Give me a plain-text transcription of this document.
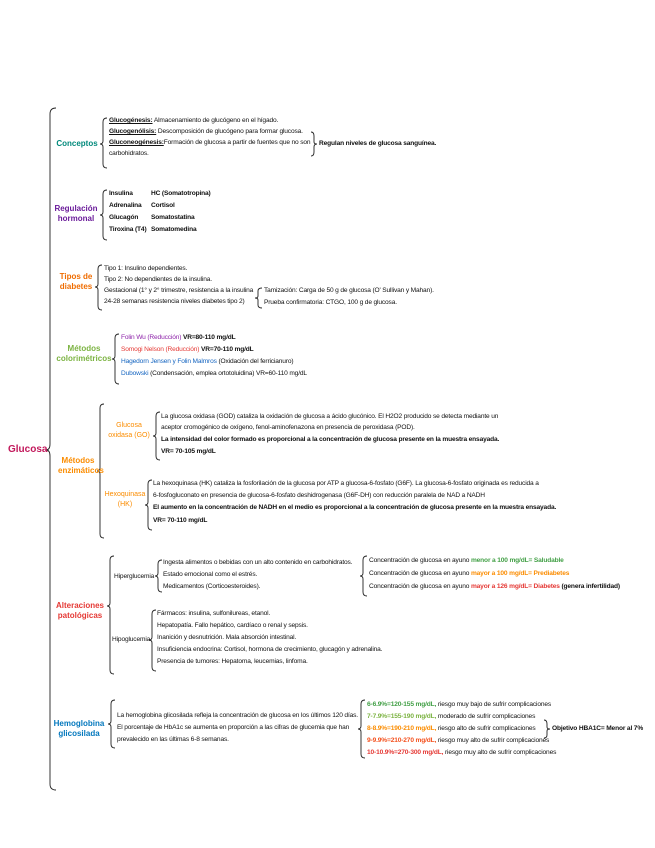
Glucosa
Conceptos
Glucogénesis: Almacenamiento de glucógeno en el hígado.
Glucogenólisis: Descomposición de glucógeno para formar glucosa.
Gluconeogénesis:Formación de glucosa a partir de fuentes que no son
carbohidratos.
Regulan niveles de glucosa sanguínea.
Regulación hormonal
Insulina
Adrenalina
Glucagón
Tiroxina (T4)
HC (Somatotropina)
Cortisol
Somatostatina
Somatomedina
Tipos de diabetes
Tipo 1: Insulino dependientes.
Tipo 2: No dependientes de la insulina.
Gestacional (1° y 2° trimestre, resistencia a la insulina
24-28 semanas resistencia niveles diabetes tipo 2)
Tamización: Carga de 50 g de glucosa (O' Sullivan y Mahan).
Prueba confirmatoria: CTGO, 100 g de glucosa.
Métodos colorimétricos
Folin Wu (Reducción) VR=80-110 mg/dL
Somogi Nelson (Reducción) VR=70-110 mg/dL
Hagedorn Jensen y Folin Malmros (Oxidación del ferricianuro)
Dubowski (Condensación, emplea ortotoluidina) VR=60-110 mg/dL
Métodos enzimáticos
Glucosa oxidasa (GO)
La glucosa oxidasa (GOD) cataliza la oxidación de glucosa a ácido glucónico. El H2O2 producido se detecta mediante un
aceptor cromogénico de oxígeno, fenol-aminofenazona en presencia de peroxidasa (POD).
La intensidad del color formado es proporcional a la concentración de glucosa presente en la muestra ensayada.
VR= 70-105 mg/dL
Hexoquinasa (HK)
La hexoquinasa (HK) cataliza la fosforilación de la glucosa por ATP a glucosa-6-fosfato (G6F). La glucosa-6-fosfato originada es reducida a
6-fosfogluconato en presencia de glucosa-6-fosfato deshidrogenasa (G6F-DH) con reducción paralela de NAD a NADH
El aumento en la concentración de NADH en el medio es proporcional a la concentración de glucosa presente en la muestra ensayada.
VR= 70-110 mg/dL
Alteraciones patológicas
Hiperglucemia
Ingesta alimentos o bebidas con un alto contenido en carbohidratos.
Estado emocional como el estrés.
Medicamentos (Corticoesteroides).
Concentración de glucosa en ayuno menor a 100 mg/dL= Saludable
Concentración de glucosa en ayuno mayor a 100 mg/dL= Prediabetes
Concentración de glucosa en ayuno mayor a 126 mg/dL= Diabetes (genera infertilidad)
Hipoglucemia
Fármacos: insulina, sulfonilureas, etanol.
Hepatopatía. Fallo hepático, cardíaco o renal y sepsis.
Inanición y desnutrición. Mala absorción intestinal.
Insuficiencia endocrina: Cortisol, hormona de crecimiento, glucagón y adrenalina.
Presencia de tumores: Hepatoma, leucemias, linfoma.
Hemoglobina glicosilada
La hemoglobina glicosilada refleja la concentración de glucosa en los últimos 120 días.
El porcentaje de HbA1c se aumenta en proporción a las cifras de glucemia que han
prevalecido en las últimas 6-8 semanas.
6-6.9%=120-155 mg/dL, riesgo muy bajo de sufrir complicaciones
7-7.9%=155-190 mg/dL, moderado de sufrir complicaciones
8-8.9%=190-210 mg/dL, riesgo alto de sufrir complicaciones
9-9.9%=210-270 mg/dL, riesgo muy alto de sufrir complicaciones
10-10.9%=270-300 mg/dL, riesgo muy alto de sufrir complicaciones
Objetivo HBA1C= Menor al 7%
